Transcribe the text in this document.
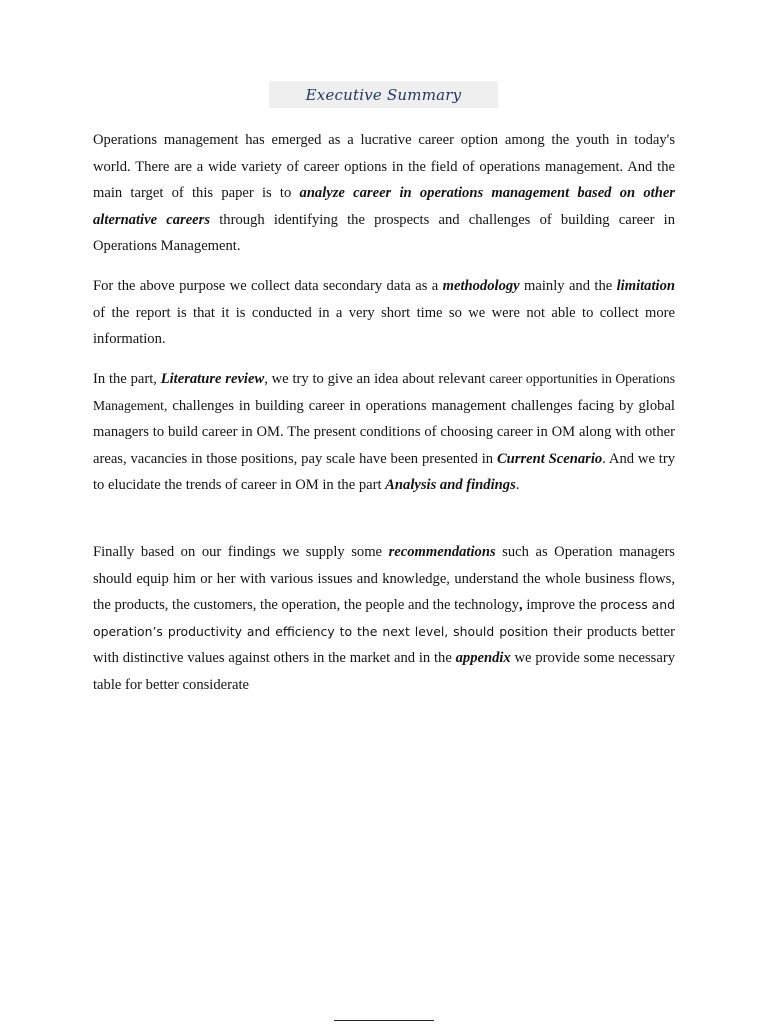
Executive Summary

Operations management has emerged as a lucrative career option among the youth in today's world. There are a wide variety of career options in the field of operations management. And the main target of this paper is to analyze career in operations management based on other alternative careers through identifying the prospects and challenges of building career in Operations Management.

For the above purpose we collect data secondary data as a methodology mainly and the limitation of the report is that it is conducted in a very short time so we were not able to collect more information.

In the part, Literature review, we try to give an idea about relevant career opportunities in Operations Management, challenges in building career in operations management challenges facing by global managers to build career in OM. The present conditions of choosing career in OM along with other areas, vacancies in those positions, pay scale have been presented in Current Scenario. And we try to elucidate the trends of career in OM in the part Analysis and findings.

Finally based on our findings we supply some recommendations such as Operation managers should equip him or her with various issues and knowledge, understand the whole business flows, the products, the customers, the operation, the people and the technology, improve the process and operation’s productivity and efficiency to the next level, should position their products better with distinctive values against others in the market and in the appendix we provide some necessary table for better considerate
